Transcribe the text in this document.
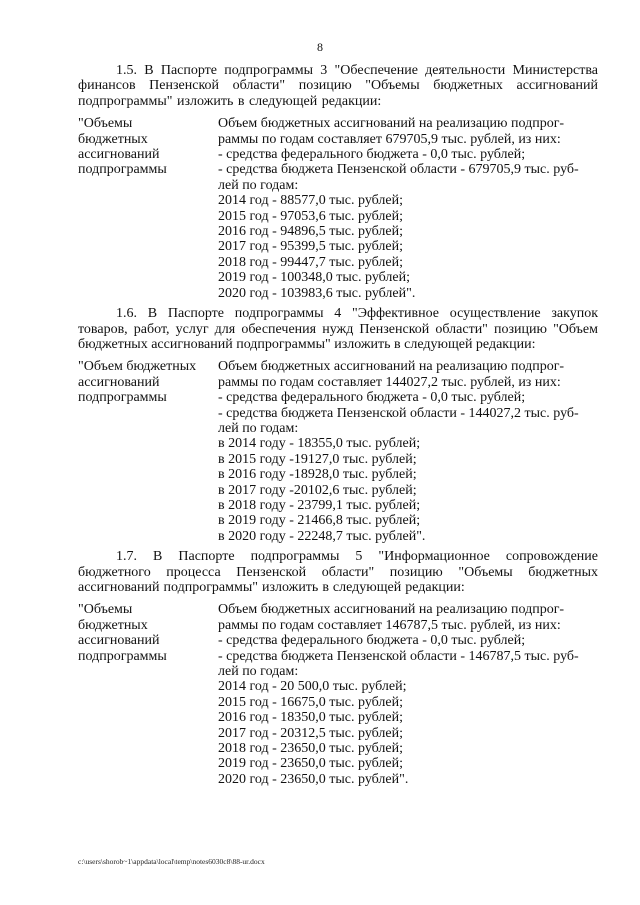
8

1.5. В Паспорте подпрограммы 3 "Обеспечение деятельности Министерства финансов Пензенской области" позицию "Объемы бюджетных ассигнований подпрограммы" изложить в следующей редакции:

"Объемы
бюджетных
ассигнований
подпрограммы
Объем бюджетных ассигнований на реализацию подпрог-
раммы по годам составляет 679705,9 тыс. рублей, из них:
- средства федерального бюджета - 0,0 тыс. рублей;
- средства бюджета Пензенской области - 679705,9 тыс. руб-
лей по годам:
2014 год - 88577,0 тыс. рублей;
2015 год - 97053,6 тыс. рублей;
2016 год - 94896,5 тыс. рублей;
2017 год - 95399,5 тыс. рублей;
2018 год - 99447,7 тыс. рублей;
2019 год - 100348,0 тыс. рублей;
2020 год - 103983,6 тыс. рублей".

1.6. В Паспорте подпрограммы 4 "Эффективное осуществление закупок товаров, работ, услуг для обеспечения нужд Пензенской области" позицию "Объем бюджетных ассигнований подпрограммы" изложить в следующей редакции:

"Объем бюджетных
ассигнований
подпрограммы
Объем бюджетных ассигнований на реализацию подпрог-
раммы по годам составляет 144027,2 тыс. рублей, из них:
- средства федерального бюджета - 0,0 тыс. рублей;
- средства бюджета Пензенской области - 144027,2 тыс. руб-
лей по годам:
в 2014 году - 18355,0 тыс. рублей;
в 2015 году -19127,0 тыс. рублей;
в 2016 году -18928,0 тыс. рублей;
в 2017 году -20102,6 тыс. рублей;
в 2018 году - 23799,1 тыс. рублей;
в 2019 году - 21466,8 тыс. рублей;
в 2020 году - 22248,7 тыс. рублей".

1.7. В Паспорте подпрограммы 5 "Информационное сопровождение бюджетного процесса Пензенской области" позицию "Объемы бюджетных ассигнований подпрограммы" изложить в следующей редакции:

"Объемы
бюджетных
ассигнований
подпрограммы
Объем бюджетных ассигнований на реализацию подпрог-
раммы по годам составляет 146787,5 тыс. рублей, из них:
- средства федерального бюджета - 0,0 тыс. рублей;
- средства бюджета Пензенской области - 146787,5 тыс. руб-
лей по годам:
2014 год - 20 500,0 тыс. рублей;
2015 год - 16675,0 тыс. рублей;
2016 год - 18350,0 тыс. рублей;
2017 год - 20312,5 тыс. рублей;
2018 год - 23650,0 тыс. рублей;
2019 год - 23650,0 тыс. рублей;
2020 год - 23650,0 тыс. рублей".
c:\users\shorob~1\appdata\local\temp\notes6030c8\88-ur.docx
